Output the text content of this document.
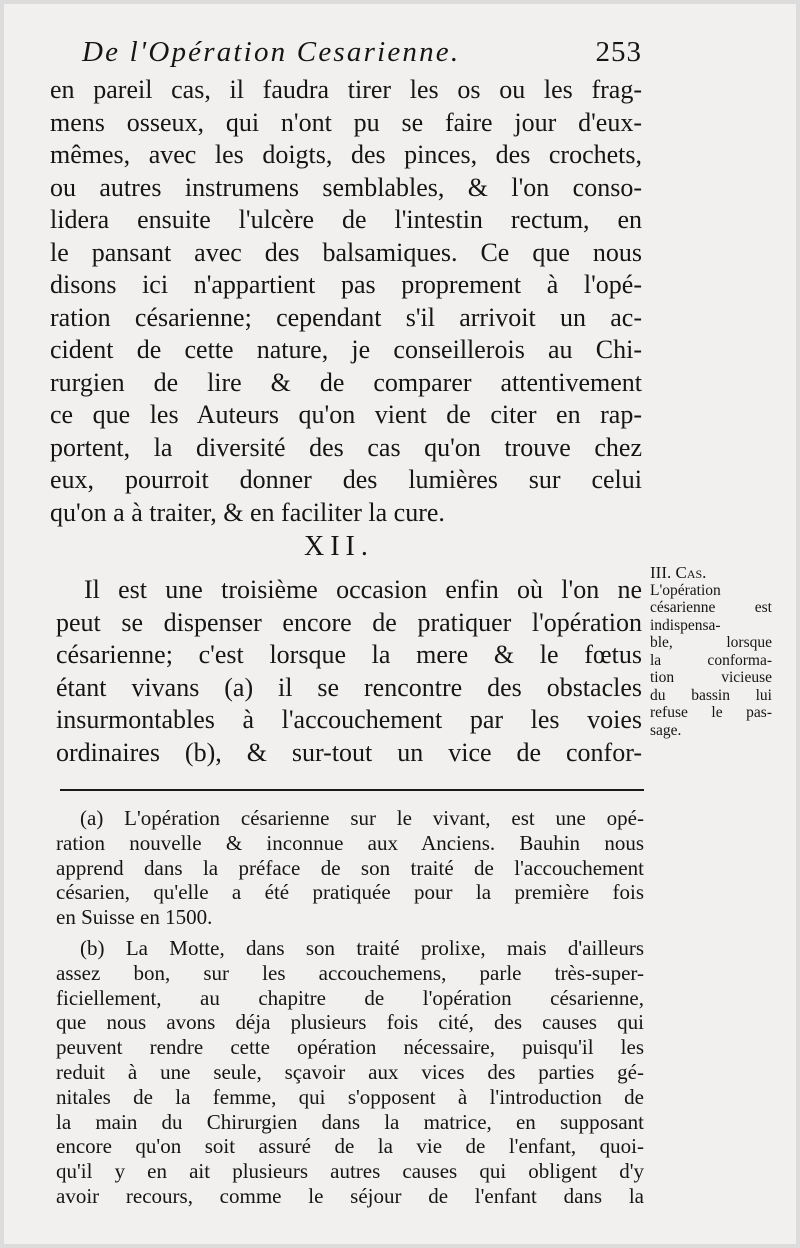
De l'Opération Cesarienne.	253
en pareil cas, il faudra tirer les os ou les frag-
mens osseux, qui n'ont pu se faire jour d'eux-
mêmes, avec les doigts, des pinces, des crochets,
ou autres instrumens semblables, & l'on conso-
lidera ensuite l'ulcère de l'intestin rectum, en
le pansant avec des balsamiques. Ce que nous
disons ici n'appartient pas proprement à l'opé-
ration césarienne; cependant s'il arrivoit un ac-
cident de cette nature, je conseillerois au Chi-
rurgien de lire & de comparer attentivement
ce que les Auteurs qu'on vient de citer en rap-
portent, la diversité des cas qu'on trouve chez
eux, pourroit donner des lumières sur celui
qu'on a à traiter, & en faciliter la cure.
XII.
Il est une troisième occasion enfin où l'on ne
peut se dispenser encore de pratiquer l'opération
césarienne; c'est lorsque la mere & le fœtus
étant vivans (a) il se rencontre des obstacles
insurmontables à l'accouchement par les voies
ordinaires (b), & sur-tout un vice de confor-
III. Cas.
L'opération
césarienne est
indispensa-
ble, lorsque
la conforma-
tion vicieuse
du bassin lui
refuse le pas-
sage.
(a) L'opération césarienne sur le vivant, est une opé-
ration nouvelle & inconnue aux Anciens. Bauhin nous
apprend dans la préface de son traité de l'accouchement
césarien, qu'elle a été pratiquée pour la première fois
en Suisse en 1500.
(b) La Motte, dans son traité prolixe, mais d'ailleurs
assez bon, sur les accouchemens, parle très-super-
ficiellement, au chapitre de l'opération césarienne,
que nous avons déja plusieurs fois cité, des causes qui
peuvent rendre cette opération nécessaire, puisqu'il les
reduit à une seule, sçavoir aux vices des parties gé-
nitales de la femme, qui s'opposent à l'introduction de
la main du Chirurgien dans la matrice, en supposant
encore qu'on soit assuré de la vie de l'enfant, quoi-
qu'il y en ait plusieurs autres causes qui obligent d'y
avoir recours, comme le séjour de l'enfant dans la
